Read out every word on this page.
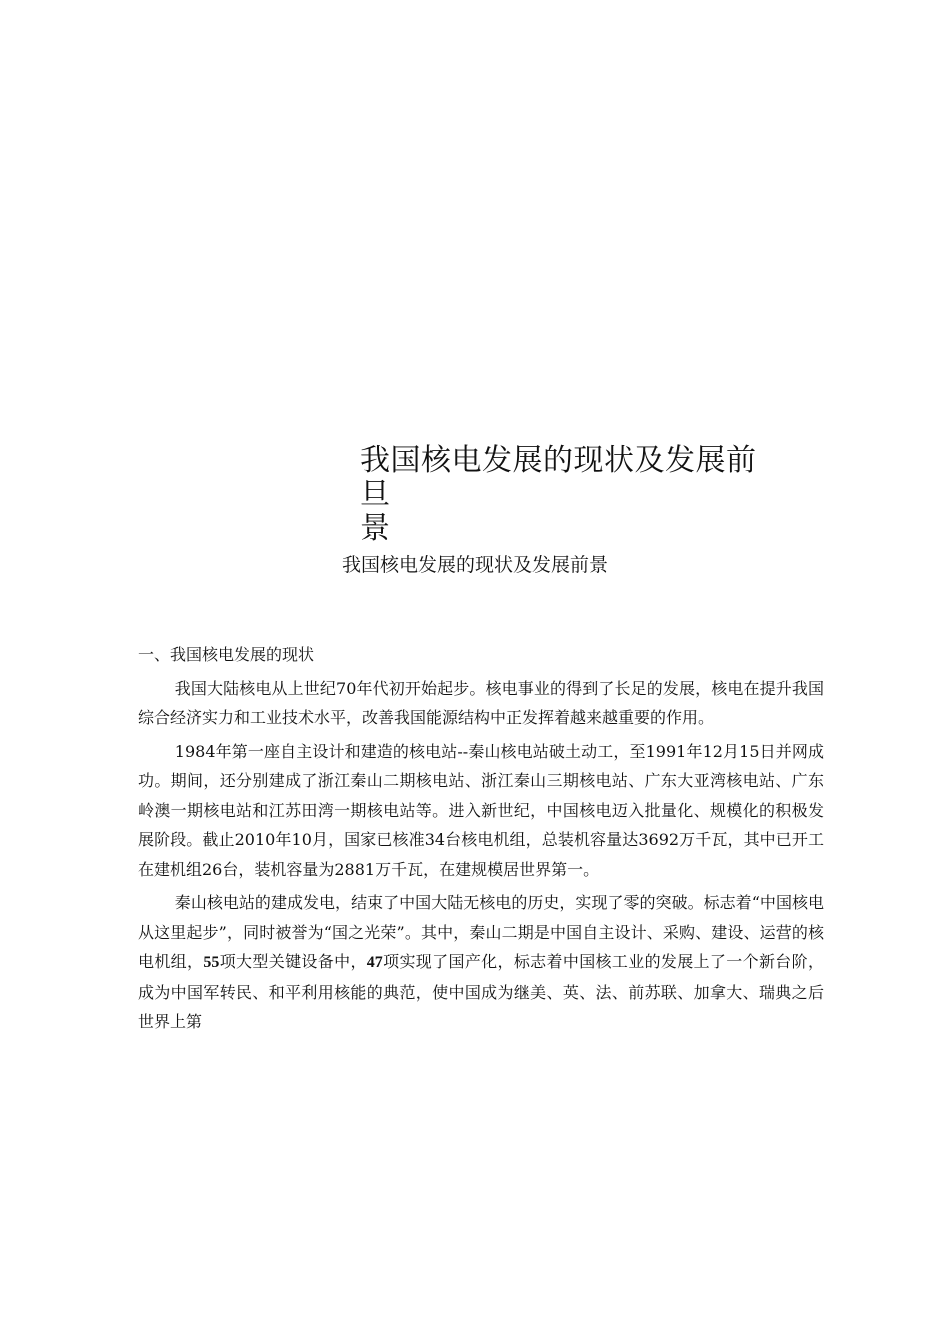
我国核电发展的现状及发展前
旦
景
我国核电发展的现状及发展前景
一、我国核电发展的现状

我国大陆核电从上世纪70年代初开始起步。核电事业的得到了长足的发展，核电在提升我国综合经济实力和工业技术水平，改善我国能源结构中正发挥着越来越重要的作用。

1984年第一座自主设计和建造的核电站--秦山核电站破土动工，至1991年12月15日并网成功。期间，还分别建成了浙江秦山二期核电站、浙江秦山三期核电站、广东大亚湾核电站、广东岭澳一期核电站和江苏田湾一期核电站等。进入新世纪，中国核电迈入批量化、规模化的积极发展阶段。截止2010年10月，国家已核准34台核电机组，总装机容量达3692万千瓦，其中已开工在建机组26台，装机容量为2881万千瓦，在建规模居世界第一。

秦山核电站的建成发电，结束了中国大陆无核电的历史，实现了零的突破。标志着“中国核电从这里起步”，同时被誉为“国之光荣”。其中，秦山二期是中国自主设计、采购、建设、运营的核电机组，55项大型关键设备中，47项实现了国产化，标志着中国核工业的发展上了一个新台阶，成为中国军转民、和平利用核能的典范，使中国成为继美、英、法、前苏联、加拿大、瑞典之后世界上第
